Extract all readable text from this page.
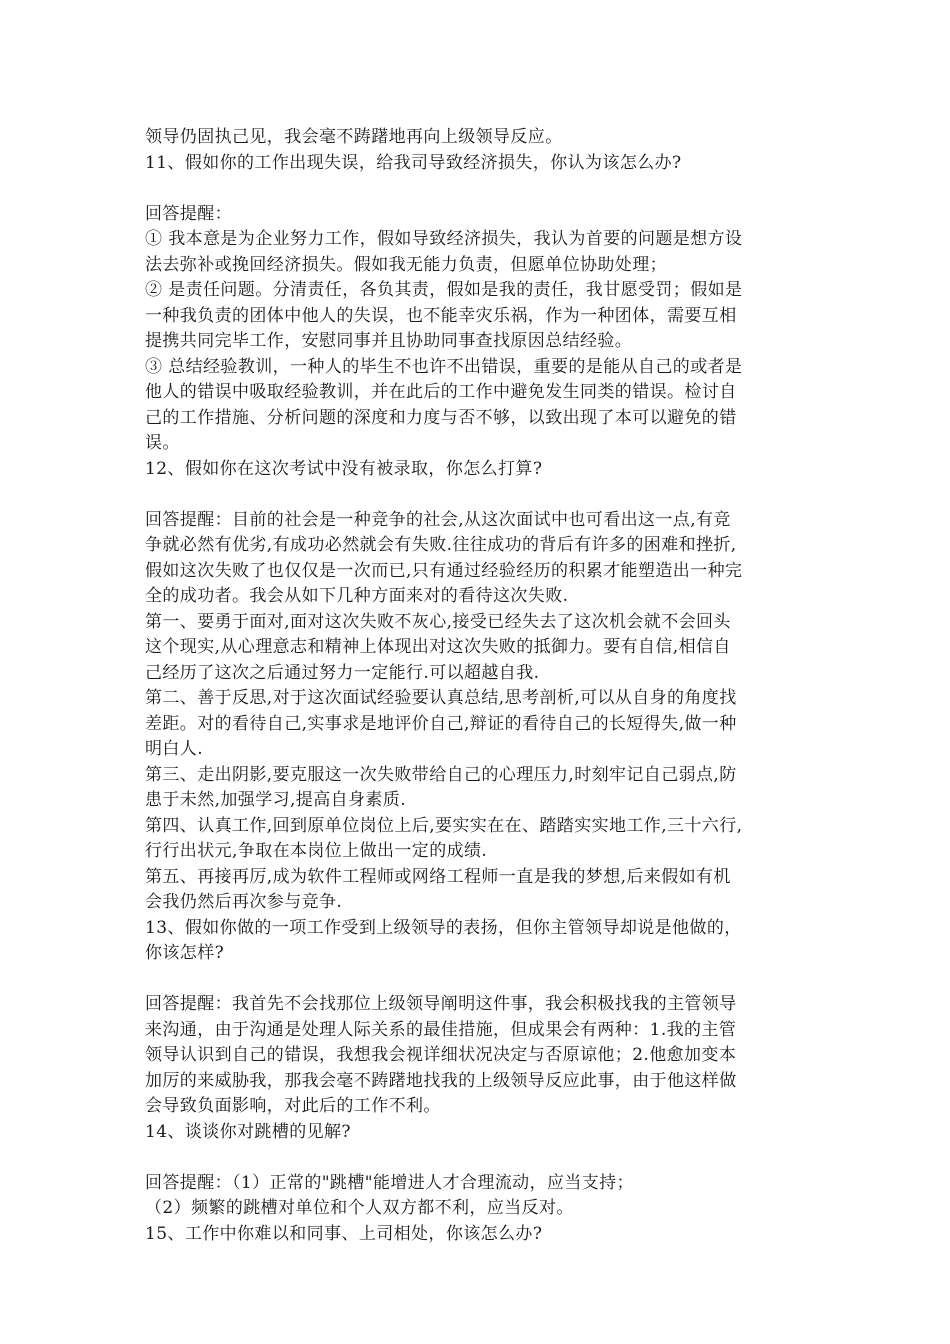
领导仍固执己见，我会毫不踌躇地再向上级领导反应。
11、假如你的工作出现失误，给我司导致经济损失，你认为该怎么办?
回答提醒：
① 我本意是为企业努力工作，假如导致经济损失，我认为首要的问题是想方设
法去弥补或挽回经济损失。假如我无能力负责，但愿单位协助处理；
② 是责任问题。分清责任，各负其责，假如是我的责任，我甘愿受罚；假如是
一种我负责的团体中他人的失误，也不能幸灾乐祸，作为一种团体，需要互相
提携共同完毕工作，安慰同事并且协助同事查找原因总结经验。
③ 总结经验教训，一种人的毕生不也许不出错误，重要的是能从自己的或者是
他人的错误中吸取经验教训，并在此后的工作中避免发生同类的错误。检讨自
己的工作措施、分析问题的深度和力度与否不够，以致出现了本可以避免的错
误。
12、假如你在这次考试中没有被录取，你怎么打算?
回答提醒：目前的社会是一种竞争的社会,从这次面试中也可看出这一点,有竞
争就必然有优劣,有成功必然就会有失败.往往成功的背后有许多的困难和挫折,
假如这次失败了也仅仅是一次而已,只有通过经验经历的积累才能塑造出一种完
全的成功者。我会从如下几种方面来对的看待这次失败.
第一、要勇于面对,面对这次失败不灰心,接受已经失去了这次机会就不会回头
这个现实,从心理意志和精神上体现出对这次失败的抵御力。要有自信,相信自
己经历了这次之后通过努力一定能行.可以超越自我.
第二、善于反思,对于这次面试经验要认真总结,思考剖析,可以从自身的角度找
差距。对的看待自己,实事求是地评价自己,辩证的看待自己的长短得失,做一种
明白人.
第三、走出阴影,要克服这一次失败带给自己的心理压力,时刻牢记自己弱点,防
患于未然,加强学习,提高自身素质.
第四、认真工作,回到原单位岗位上后,要实实在在、踏踏实实地工作,三十六行,
行行出状元,争取在本岗位上做出一定的成绩.
第五、再接再厉,成为软件工程师或网络工程师一直是我的梦想,后来假如有机
会我仍然后再次参与竞争.
13、假如你做的一项工作受到上级领导的表扬，但你主管领导却说是他做的，
你该怎样?
回答提醒：我首先不会找那位上级领导阐明这件事，我会积极找我的主管领导
来沟通，由于沟通是处理人际关系的最佳措施，但成果会有两种：1.我的主管
领导认识到自己的错误，我想我会视详细状况决定与否原谅他；2.他愈加变本
加厉的来威胁我，那我会毫不踌躇地找我的上级领导反应此事，由于他这样做
会导致负面影响，对此后的工作不利。
14、谈谈你对跳槽的见解?
回答提醒：（1）正常的"跳槽"能增进人才合理流动，应当支持；
（2）频繁的跳槽对单位和个人双方都不利，应当反对。
15、工作中你难以和同事、上司相处，你该怎么办?
